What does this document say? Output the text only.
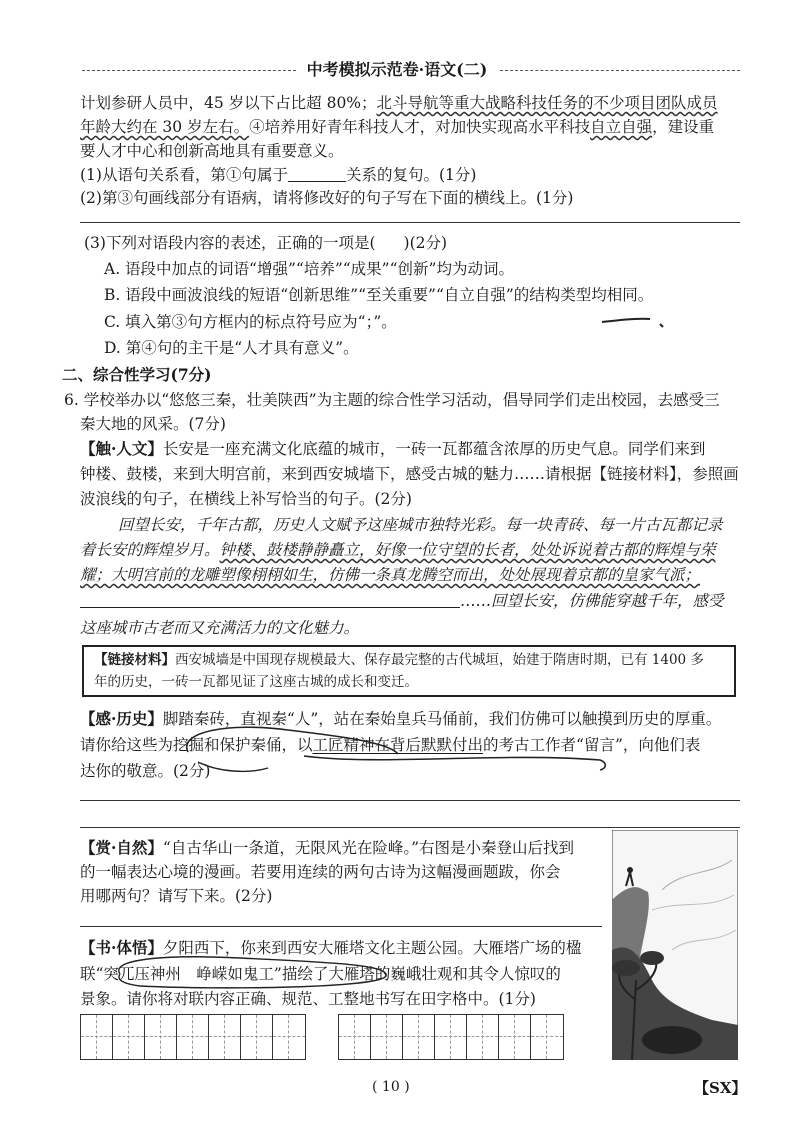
中考模拟示范卷·语文(二)
计划参研人员中，45 岁以下占比超 80%；北斗导航等重大战略科技任务的不少项目团队成员
年龄大约在 30 岁左右。④培养用好青年科技人才，对加快实现高水平科技自立自强，建设重
要人才中心和创新高地具有重要意义。
(1)从语句关系看，第①句属于	关系的复句。(1分)
(2)第③句画线部分有语病，请将修改好的句子写在下面的横线上。(1分)
(3)下列对语段内容的表述，正确的一项是( )(2分)
A. 语段中加点的词语“增强”“培养”“成果”“创新”均为动词。
B. 语段中画波浪线的短语“创新思维”“至关重要”“自立自强”的结构类型均相同。
C. 填入第③句方框内的标点符号应为“；”。
D. 第④句的主干是“人才具有意义”。
二、综合性学习(7分)
6. 学校举办以“悠悠三秦，壮美陕西”为主题的综合性学习活动，倡导同学们走出校园，去感受三
秦大地的风采。(7分)
【触·人文】长安是一座充满文化底蕴的城市，一砖一瓦都蕴含浓厚的历史气息。同学们来到
钟楼、鼓楼，来到大明宫前，来到西安城墙下，感受古城的魅力……请根据【链接材料】，参照画
波浪线的句子，在横线上补写恰当的句子。(2分)
回望长安，千年古都，历史人文赋予这座城市独特光彩。每一块青砖、每一片古瓦都记录
着长安的辉煌岁月。钟楼、鼓楼静静矗立，好像一位守望的长者，处处诉说着古都的辉煌与荣
耀；大明宫前的龙雕塑像栩栩如生，仿佛一条真龙腾空而出，处处展现着京都的皇家气派；
……回望长安，仿佛能穿越千年，感受
这座城市古老而又充满活力的文化魅力。
【链接材料】西安城墙是中国现存规模最大、保存最完整的古代城垣，始建于隋唐时期，已有 1400 多
年的历史，一砖一瓦都见证了这座古城的成长和变迁。
【感·历史】脚踏秦砖，直视秦“人”，站在秦始皇兵马俑前，我们仿佛可以触摸到历史的厚重。
请你给这些为挖掘和保护秦俑，以工匠精神在背后默默付出的考古工作者“留言”，向他们表
达你的敬意。(2分)
【赏·自然】“自古华山一条道，无限风光在险峰。”右图是小秦登山后找到
的一幅表达心境的漫画。若要用连续的两句古诗为这幅漫画题跋，你会
用哪两句？请写下来。(2分)
【书·体悟】夕阳西下，你来到西安大雁塔文化主题公园。大雁塔广场的楹
联“突兀压神州　峥嵘如鬼工”描绘了大雁塔的巍峨壮观和其令人惊叹的
景象。请你将对联内容正确、规范、工整地书写在田字格中。(1分)
( 10 )	【SX】
